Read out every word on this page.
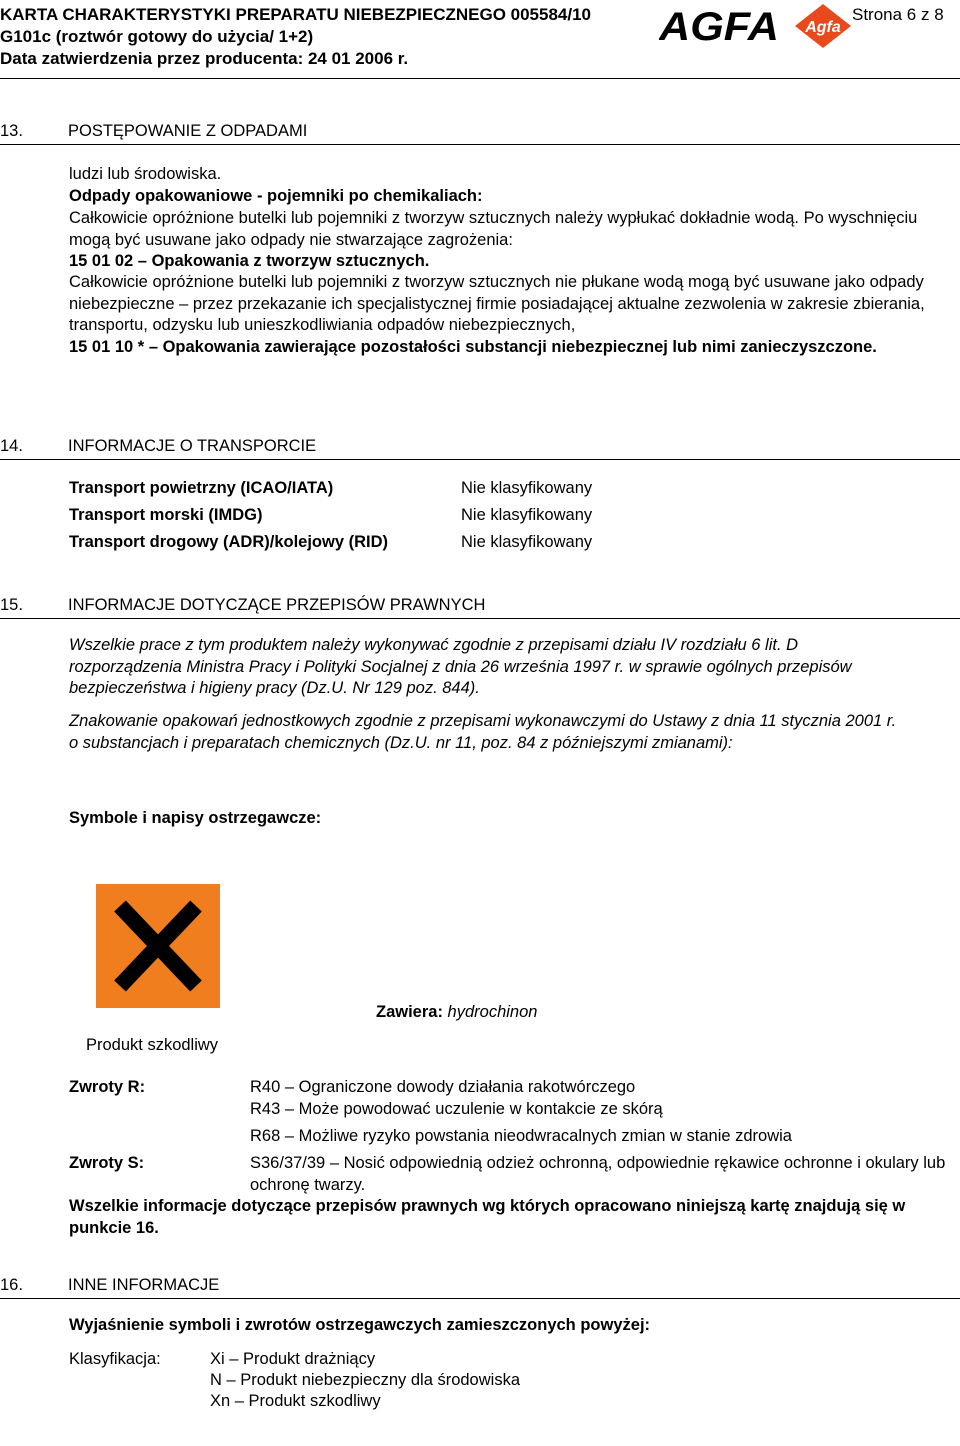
KARTA CHARAKTERYSTYKI PREPARATU NIEBEZPIECZNEGO 005584/10
G101c (roztwór gotowy do użycia/ 1+2)
Data zatwierdzenia przez producenta: 24 01 2006 r.
AGFA Agfa
Strona 6 z 8
13.	POSTĘPOWANIE Z ODPADAMI
ludzi lub środowiska.
Odpady opakowaniowe - pojemniki po chemikaliach:
Całkowicie opróżnione butelki lub pojemniki z tworzyw sztucznych należy wypłukać dokładnie wodą. Po wyschnięciu mogą być usuwane jako odpady nie stwarzające zagrożenia:
15 01 02 – Opakowania z tworzyw sztucznych.
Całkowicie opróżnione butelki lub pojemniki z tworzyw sztucznych nie płukane wodą mogą być usuwane jako odpady niebezpieczne – przez przekazanie ich specjalistycznej firmie posiadającej aktualne zezwolenia w zakresie zbierania, transportu, odzysku lub unieszkodliwiania odpadów niebezpiecznych,
15 01 10 * – Opakowania zawierające pozostałości substancji niebezpiecznej lub nimi zanieczyszczone.
14.	INFORMACJE O TRANSPORCIE
Transport powietrzny (ICAO/IATA)	Nie klasyfikowany
Transport morski (IMDG)	Nie klasyfikowany
Transport drogowy (ADR)/kolejowy (RID)	Nie klasyfikowany
15.	INFORMACJE DOTYCZĄCE PRZEPISÓW PRAWNYCH
Wszelkie prace z tym produktem należy wykonywać zgodnie z przepisami działu IV rozdziału 6 lit. D rozporządzenia Ministra Pracy i Polityki Socjalnej z dnia 26 września 1997 r. w sprawie ogólnych przepisów bezpieczeństwa i higieny pracy (Dz.U. Nr 129 poz. 844).
Znakowanie opakowań jednostkowych zgodnie z przepisami wykonawczymi do Ustawy z dnia 11 stycznia 2001 r. o substancjach i preparatach chemicznych (Dz.U. nr 11, poz. 84 z późniejszymi zmianami):
Symbole i napisy ostrzegawcze:
Produkt szkodliwy
Zawiera: hydrochinon
Zwroty R:	R40 – Ograniczone dowody działania rakotwórczego
R43 – Może powodować uczulenie w kontakcie ze skórą
R68 – Możliwe ryzyko powstania nieodwracalnych zmian w stanie zdrowia
Zwroty S:	S36/37/39 – Nosić odpowiednią odzież ochronną, odpowiednie rękawice ochronne i okulary lub ochronę twarzy.
Wszelkie informacje dotyczące przepisów prawnych wg których opracowano niniejszą kartę znajdują się w punkcie 16.
16.	INNE INFORMACJE
Wyjaśnienie symboli i zwrotów ostrzegawczych zamieszczonych powyżej:
Klasyfikacja:	Xi – Produkt drażniący
N – Produkt niebezpieczny dla środowiska
Xn – Produkt szkodliwy
